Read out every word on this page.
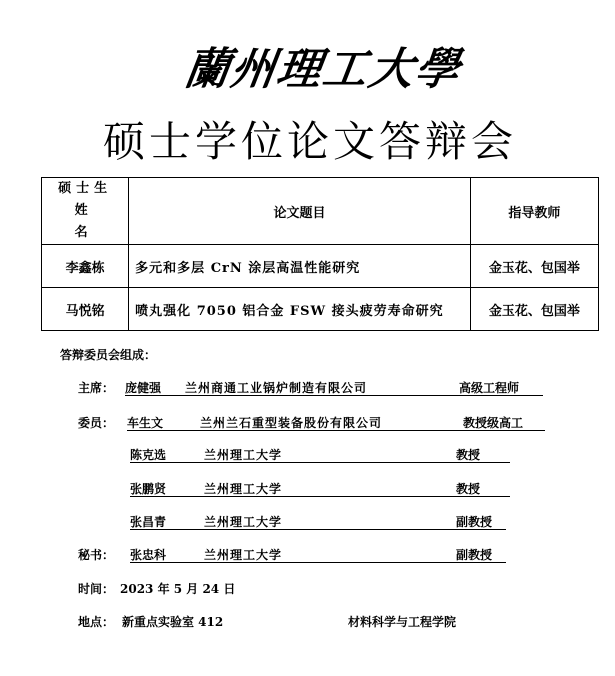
蘭州理工大學
硕士学位论文答辩会
硕士生
姓 名	论文题目	指导教师
李鑫栋	多元和多层 CrN 涂层高温性能研究	金玉花、包国举
马悦铭	喷丸强化 7050 铝合金 FSW 接头疲劳寿命研究	金玉花、包国举
答辩委员会组成：
主席： 庞健强 兰州商通工业锅炉制造有限公司	高级工程师
委员： 车生文	兰州兰石重型装备股份有限公司	教授级高工
陈克选	兰州理工大学	教授
张鹏贤	兰州理工大学	教授
张昌青	兰州理工大学	副教授
秘书： 张忠科	兰州理工大学	副教授
时间： 2023 年 5 月 24 日
地点： 新重点实验室 412	材料科学与工程学院
